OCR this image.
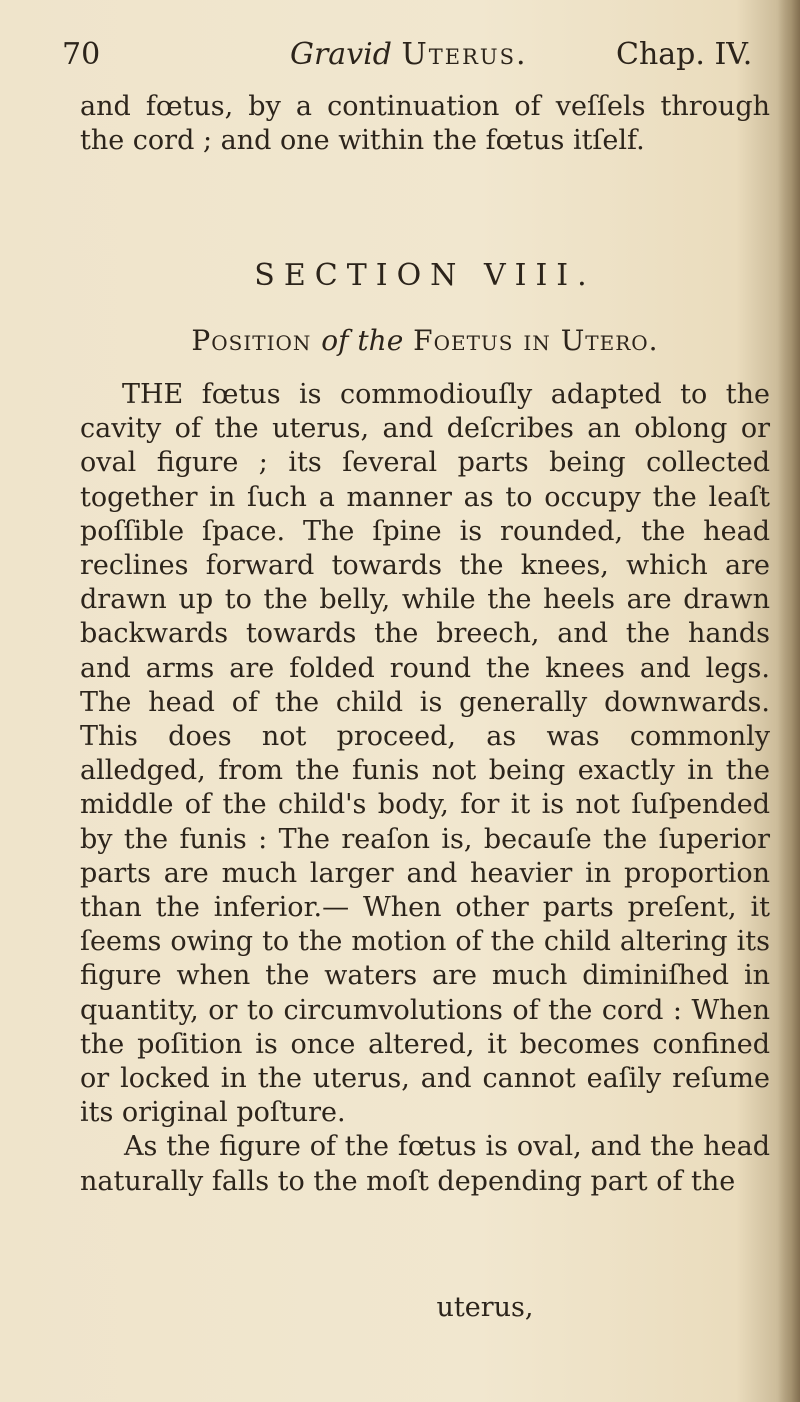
70	Gravid Uterus.	Chap. IV.

and fœtus, by a continuation of veſſels through the cord ; and one within the fœtus itſelf.

SECTION VIII.
Position of the Foetus in Utero.

THE fœtus is commodiouſly adapted to the cavity of the uterus, and deſcribes an oblong or oval figure ; its ſeveral parts being collected together in ſuch a manner as to occupy the leaſt poſſible ſpace. The ſpine is rounded, the head reclines forward towards the knees, which are drawn up to the belly, while the heels are drawn backwards towards the breech, and the hands and arms are folded round the knees and legs. The head of the child is generally downwards. This does not proceed, as was commonly alledged, from the funis not being exactly in the middle of the child's body, for it is not ſuſpended by the funis : The reaſon is, becauſe the ſuperior parts are much larger and heavier in proportion than the inferior.— When other parts preſent, it ſeems owing to the motion of the child altering its figure when the waters are much diminiſhed in quantity, or to circumvolutions of the cord : When the poſition is once altered, it becomes confined or locked in the uterus, and cannot eaſily reſume its original poſture.

As the figure of the fœtus is oval, and the head naturally falls to the moſt depending part of the

uterus,
